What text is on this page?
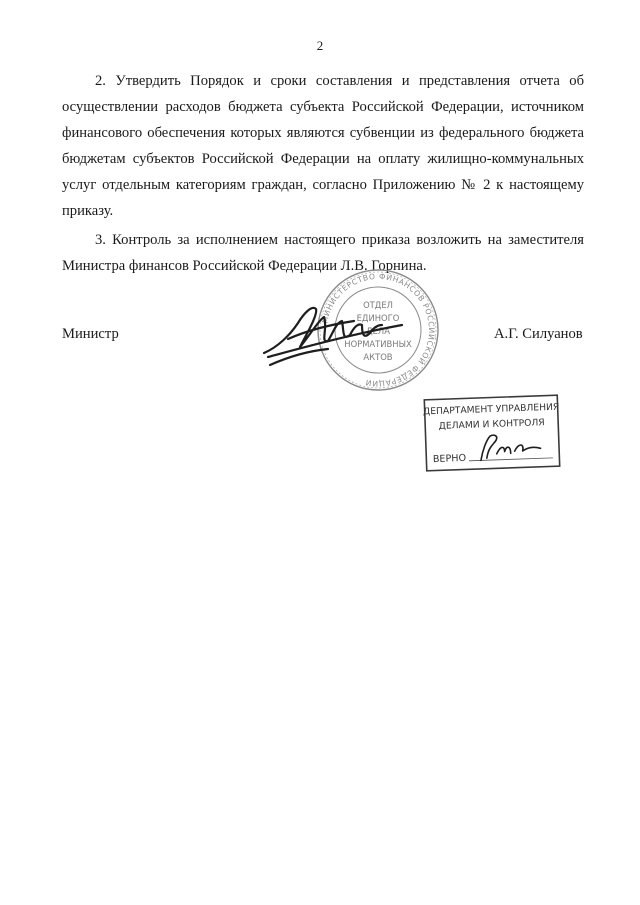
2

2. Утвердить Порядок и сроки составления и представления отчета об осуществлении расходов бюджета субъекта Российской Федерации, источником финансового обеспечения которых являются субвенции из федерального бюджета бюджетам субъектов Российской Федерации на оплату жилищно-коммунальных услуг отдельным категориям граждан, согласно Приложению № 2 к настоящему приказу.

3. Контроль за исполнением настоящего приказа возложить на заместителя Министра финансов Российской Федерации Л.В. Горнина.

Министр	А.Г. Силуанов
МИНИСТЕРСТВО ФИНАНСОВ РОССИЙСКОЙ ФЕДЕРАЦИИ
ОТДЕЛ
ЕДИНОГО
ДЕЛА
НОРМАТИВНЫХ
АКТОВ
ДЕПАРТАМЕНТ УПРАВЛЕНИЯ
ДЕЛАМИ И КОНТРОЛЯ
ВЕРНО
